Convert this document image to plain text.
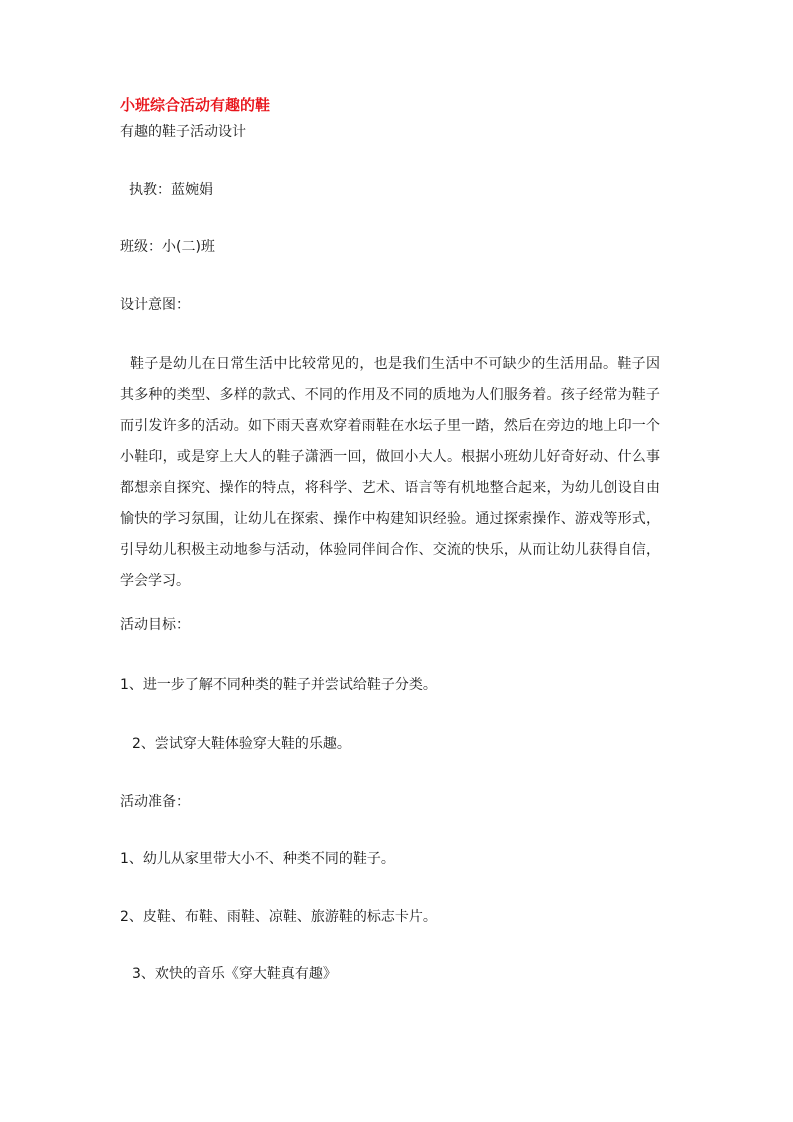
小班综合活动有趣的鞋
有趣的鞋子活动设计
执教：蓝婉娟
班级：小(二)班
设计意图：
鞋子是幼儿在日常生活中比较常见的，也是我们生活中不可缺少的生活用品。鞋子因其多种的类型、多样的款式、不同的作用及不同的质地为人们服务着。孩子经常为鞋子而引发许多的活动。如下雨天喜欢穿着雨鞋在水坛子里一踏，然后在旁边的地上印一个小鞋印，或是穿上大人的鞋子潇洒一回，做回小大人。根据小班幼儿好奇好动、什么事都想亲自探究、操作的特点，将科学、艺术、语言等有机地整合起来，为幼儿创设自由愉快的学习氛围，让幼儿在探索、操作中构建知识经验。通过探索操作、游戏等形式，引导幼儿积极主动地参与活动，体验同伴间合作、交流的快乐，从而让幼儿获得自信，学会学习。
活动目标：
1、进一步了解不同种类的鞋子并尝试给鞋子分类。
2、尝试穿大鞋体验穿大鞋的乐趣。
活动准备：
1、幼儿从家里带大小不、种类不同的鞋子。
2、皮鞋、布鞋、雨鞋、凉鞋、旅游鞋的标志卡片。
3、欢快的音乐《穿大鞋真有趣》
